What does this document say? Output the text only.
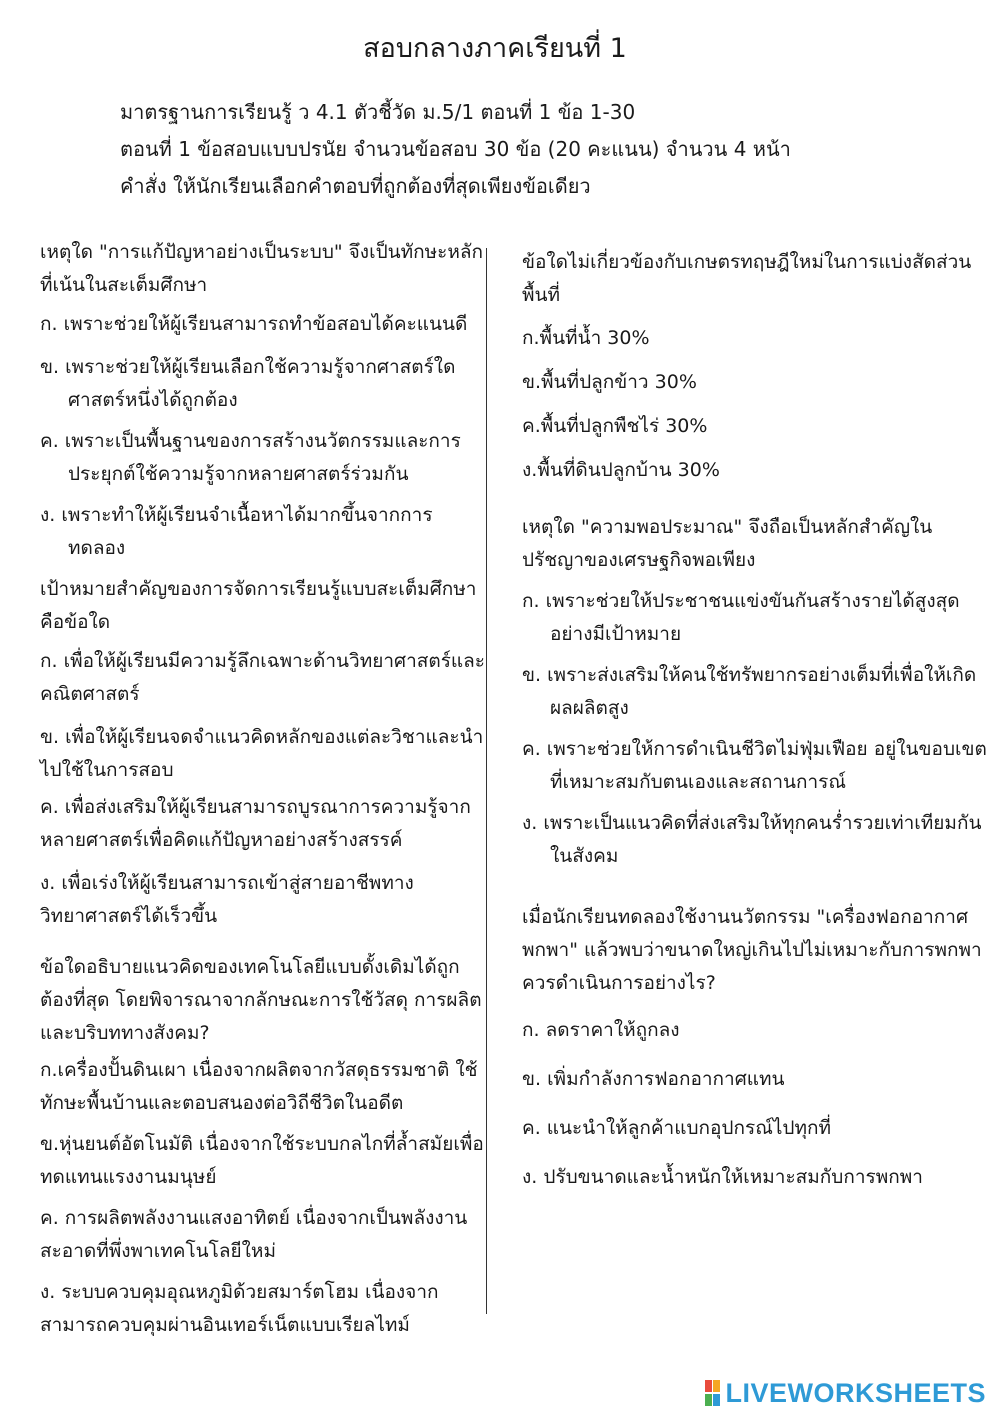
สอบกลางภาคเรียนที่ 1
มาตรฐานการเรียนรู้ ว 4.1 ตัวชี้วัด ม.5/1 ตอนที่ 1 ข้อ 1-30
ตอนที่ 1 ข้อสอบแบบปรนัย จำนวนข้อสอบ 30 ข้อ (20 คะแนน) จำนวน 4 หน้า
คำสั่ง ให้นักเรียนเลือกคำตอบที่ถูกต้องที่สุดเพียงข้อเดียว
เหตุใด "การแก้ปัญหาอย่างเป็นระบบ" จึงเป็นทักษะหลักที่เน้นในสะเต็มศึกษา
ก. เพราะช่วยให้ผู้เรียนสามารถทำข้อสอบได้คะแนนดี
ข. เพราะช่วยให้ผู้เรียนเลือกใช้ความรู้จากศาสตร์ใดศาสตร์หนึ่งได้ถูกต้อง
ค. เพราะเป็นพื้นฐานของการสร้างนวัตกรรมและการประยุกต์ใช้ความรู้จากหลายศาสตร์ร่วมกัน
ง. เพราะทำให้ผู้เรียนจำเนื้อหาได้มากขึ้นจากการทดลอง
เป้าหมายสำคัญของการจัดการเรียนรู้แบบสะเต็มศึกษา คือข้อใด
ก. เพื่อให้ผู้เรียนมีความรู้ลึกเฉพาะด้านวิทยาศาสตร์และคณิตศาสตร์
ข. เพื่อให้ผู้เรียนจดจำแนวคิดหลักของแต่ละวิชาและนำไปใช้ในการสอบ
ค. เพื่อส่งเสริมให้ผู้เรียนสามารถบูรณาการความรู้จากหลายศาสตร์เพื่อคิดแก้ปัญหาอย่างสร้างสรรค์
ง. เพื่อเร่งให้ผู้เรียนสามารถเข้าสู่สายอาชีพทางวิทยาศาสตร์ได้เร็วขึ้น
ข้อใดอธิบายแนวคิดของเทคโนโลยีแบบดั้งเดิมได้ถูกต้องที่สุด โดยพิจารณาจากลักษณะการใช้วัสดุ การผลิต และบริบททางสังคม?
ก.เครื่องปั้นดินเผา เนื่องจากผลิตจากวัสดุธรรมชาติ ใช้ทักษะพื้นบ้านและตอบสนองต่อวิถีชีวิตในอดีต
ข.หุ่นยนต์อัตโนมัติ เนื่องจากใช้ระบบกลไกที่ล้ำสมัยเพื่อทดแทนแรงงานมนุษย์
ค. การผลิตพลังงานแสงอาทิตย์ เนื่องจากเป็นพลังงานสะอาดที่พึ่งพาเทคโนโลยีใหม่
ง. ระบบควบคุมอุณหภูมิด้วยสมาร์ตโฮม เนื่องจากสามารถควบคุมผ่านอินเทอร์เน็ตแบบเรียลไทม์
ข้อใดไม่เกี่ยวข้องกับเกษตรทฤษฎีใหม่ในการแบ่งสัดส่วนพื้นที่
ก.พื้นที่น้ำ 30%
ข.พื้นที่ปลูกข้าว 30%
ค.พื้นที่ปลูกพืชไร่ 30%
ง.พื้นที่ดินปลูกบ้าน 30%
เหตุใด "ความพอประมาณ" จึงถือเป็นหลักสำคัญในปรัชญาของเศรษฐกิจพอเพียง
ก. เพราะช่วยให้ประชาชนแข่งขันกันสร้างรายได้สูงสุดอย่างมีเป้าหมาย
ข. เพราะส่งเสริมให้คนใช้ทรัพยากรอย่างเต็มที่เพื่อให้เกิดผลผลิตสูง
ค. เพราะช่วยให้การดำเนินชีวิตไม่ฟุ่มเฟือย อยู่ในขอบเขตที่เหมาะสมกับตนเองและสถานการณ์
ง. เพราะเป็นแนวคิดที่ส่งเสริมให้ทุกคนร่ำรวยเท่าเทียมกันในสังคม
เมื่อนักเรียนทดลองใช้งานนวัตกรรม "เครื่องฟอกอากาศพกพา" แล้วพบว่าขนาดใหญ่เกินไปไม่เหมาะกับการพกพา ควรดำเนินการอย่างไร?
ก. ลดราคาให้ถูกลง
ข. เพิ่มกำลังการฟอกอากาศแทน
ค. แนะนำให้ลูกค้าแบกอุปกรณ์ไปทุกที่
ง. ปรับขนาดและน้ำหนักให้เหมาะสมกับการพกพา
LIVEWORKSHEETS
